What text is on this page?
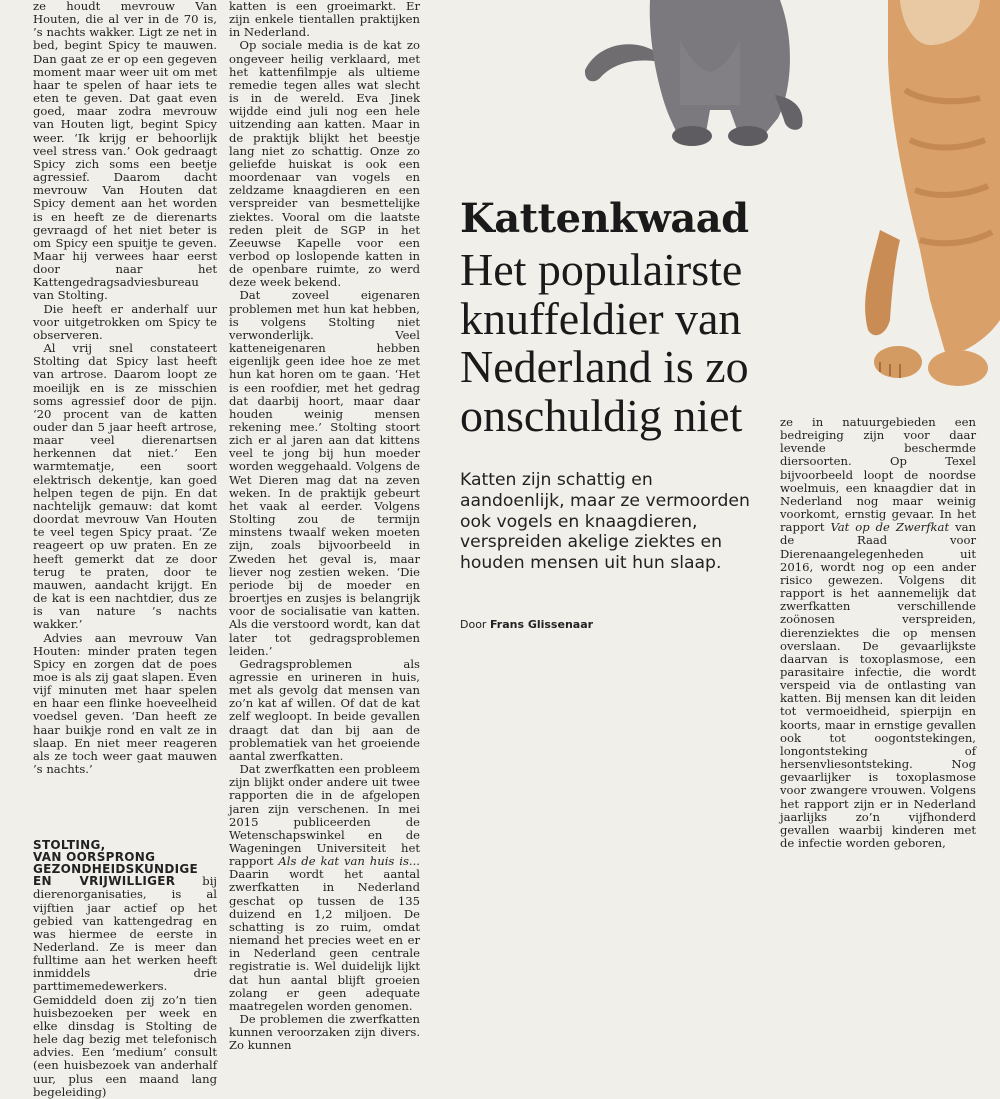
ze houdt mevrouw Van Houten, die al ver in de 70 is, ’s nachts wakker. Ligt ze net in bed, begint Spicy te mauwen. Dan gaat ze er op een gegeven moment maar weer uit om met haar te spelen of haar iets te eten te geven. Dat gaat even goed, maar zodra mevrouw van Houten ligt, begint Spicy weer. ‘Ik krijg er behoorlijk veel stress van.’ Ook gedraagt Spicy zich soms een beetje agressief. Daarom dacht mevrouw Van Houten dat Spicy dement aan het worden is en heeft ze de dierenarts gevraagd of het niet beter is om Spicy een spuitje te geven. Maar hij verwees haar eerst door naar het Kattengedragsadviesbureau van Stolting.

Die heeft er anderhalf uur voor uitgetrokken om Spicy te observeren.

Al vrij snel constateert Stolting dat Spicy last heeft van artrose. Daarom loopt ze moeilijk en is ze misschien soms agressief door de pijn. ‘20 procent van de katten ouder dan 5 jaar heeft artrose, maar veel dierenartsen herkennen dat niet.’ Een warmtematje, een soort elektrisch dekentje, kan goed helpen tegen de pijn. En dat nachtelijk gemauw: dat komt doordat mevrouw Van Houten te veel tegen Spicy praat. ‘Ze reageert op uw praten. En ze heeft gemerkt dat ze door terug te praten, door te mauwen, aandacht krijgt. En de kat is een nachtdier, dus ze is van nature ’s nachts wakker.’

Advies aan mevrouw Van Houten: minder praten tegen Spicy en zorgen dat de poes moe is als zij gaat slapen. Even vijf minuten met haar spelen en haar een flinke hoeveelheid voedsel geven. ‘Dan heeft ze haar buikje rond en valt ze in slaap. En niet meer reageren als ze toch weer gaat mauwen ’s nachts.’

STOLTING,
VAN OORSPRONG
GEZONDHEIDSKUNDIGE

EN VRIJWILLIGER bij dierenorganisaties, is al vijftien jaar actief op het gebied van kattengedrag en was hiermee de eerste in Nederland. Ze is meer dan fulltime aan het werken heeft inmiddels drie parttimemedewerkers. Gemiddeld doen zij zo’n tien huisbezoeken per week en elke dinsdag is Stolting de hele dag bezig met telefonisch advies. Een ‘medium’ consult (een huisbezoek van anderhalf uur, plus een maand lang begeleiding)

katten is een groeimarkt. Er zijn enkele tientallen praktijken in Nederland.

Op sociale media is de kat zo ongeveer heilig verklaard, met het kattenfilmpje als ultieme remedie tegen alles wat slecht is in de wereld. Eva Jinek wijdde eind juli nog een hele uitzending aan katten. Maar in de praktijk blijkt het beestje lang niet zo schattig. Onze zo geliefde huiskat is ook een moordenaar van vogels en zeldzame knaagdieren en een verspreider van besmettelijke ziektes. Vooral om die laatste reden pleit de SGP in het Zeeuwse Kapelle voor een verbod op loslopende katten in de openbare ruimte, zo werd deze week bekend.

Dat zoveel eigenaren problemen met hun kat hebben, is volgens Stolting niet verwonderlijk. Veel katteneigenaren hebben eigenlijk geen idee hoe ze met hun kat horen om te gaan. ‘Het is een roofdier, met het gedrag dat daarbij hoort, maar daar houden weinig mensen rekening mee.’ Stolting stoort zich er al jaren aan dat kittens veel te jong bij hun moeder worden weggehaald. Volgens de Wet Dieren mag dat na zeven weken. In de praktijk gebeurt het vaak al eerder. Volgens Stolting zou de termijn minstens twaalf weken moeten zijn, zoals bijvoorbeeld in Zweden het geval is, maar liever nog zestien weken. ‘Die periode bij de moeder en broertjes en zusjes is belangrijk voor de socialisatie van katten. Als die verstoord wordt, kan dat later tot gedragsproblemen leiden.’

Gedragsproblemen als agressie en urineren in huis, met als gevolg dat mensen van zo’n kat af willen. Of dat de kat zelf wegloopt. In beide gevallen draagt dat dan bij aan de problematiek van het groeiende aantal zwerfkatten.

Dat zwerfkatten een probleem zijn blijkt onder andere uit twee rapporten die in de afgelopen jaren zijn verschenen. In mei 2015 publiceerden de Wetenschapswinkel en de Wageningen Universiteit het rapport Als de kat van huis is... Daarin wordt het aantal zwerfkatten in Nederland geschat op tussen de 135 duizend en 1,2 miljoen. De schatting is zo ruim, omdat niemand het precies weet en er in Nederland geen centrale registratie is. Wel duidelijk lijkt dat hun aantal blijft groeien zolang er geen adequate maatregelen worden genomen.

De problemen die zwerfkatten kunnen veroorzaken zijn divers. Zo kunnen

Kattenkwaad
Het populairste knuffeldier van Nederland is zo onschuldig niet
Katten zijn schattig en aandoenlijk, maar ze vermoorden ook vogels en knaagdieren, verspreiden akelige ziektes en houden mensen uit hun slaap.
Door Frans Glissenaar

ze in natuurgebieden een bedreiging zijn voor daar levende beschermde diersoorten. Op Texel bijvoorbeeld loopt de noordse woelmuis, een knaagdier dat in Nederland nog maar weinig voorkomt, ernstig gevaar. In het rapport Vat op de Zwerfkat van de Raad voor Dierenaangelegenheden uit 2016, wordt nog op een ander risico gewezen. Volgens dit rapport is het aannemelijk dat zwerfkatten verschillende zoönosen verspreiden, dierenziektes die op mensen overslaan. De gevaarlijkste daarvan is toxoplasmose, een parasitaire infectie, die wordt verspeid via de ontlasting van katten. Bij mensen kan dit leiden tot vermoeidheid, spierpijn en koorts, maar in ernstige gevallen ook tot oogontstekingen, longontsteking of hersenvliesontsteking. Nog gevaarlijker is toxoplasmose voor zwangere vrouwen. Volgens het rapport zijn er in Nederland jaarlijks zo’n vijfhonderd gevallen waarbij kinderen met de infectie worden geboren,
